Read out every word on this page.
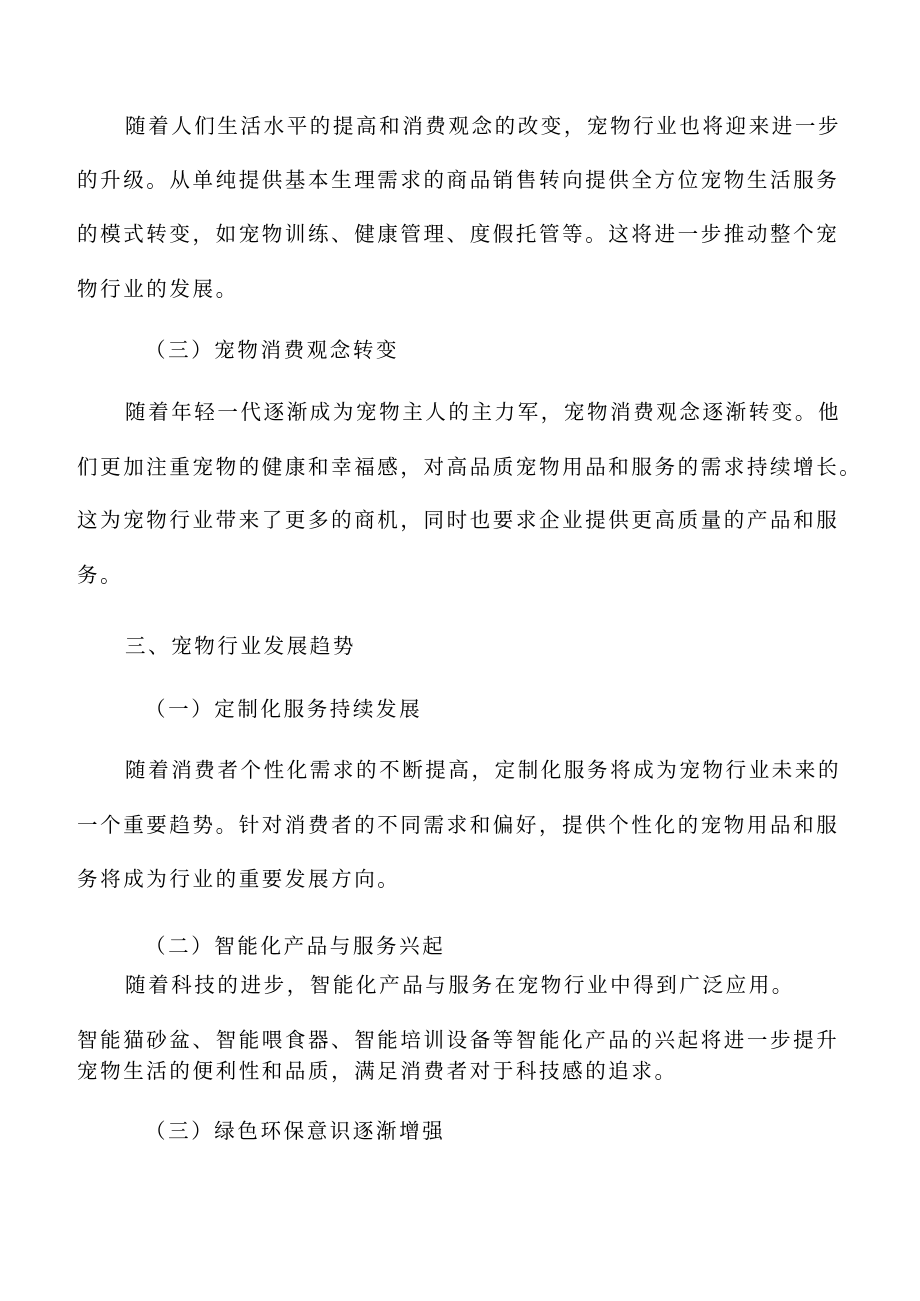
随着人们生活水平的提高和消费观念的改变，宠物行业也将迎来进一步
的升级。从单纯提供基本生理需求的商品销售转向提供全方位宠物生活服务
的模式转变，如宠物训练、健康管理、度假托管等。这将进一步推动整个宠
物行业的发展。
（三）宠物消费观念转变
随着年轻一代逐渐成为宠物主人的主力军，宠物消费观念逐渐转变。他
们更加注重宠物的健康和幸福感，对高品质宠物用品和服务的需求持续增长。
这为宠物行业带来了更多的商机，同时也要求企业提供更高质量的产品和服
务。
三、宠物行业发展趋势
（一）定制化服务持续发展
随着消费者个性化需求的不断提高，定制化服务将成为宠物行业未来的
一个重要趋势。针对消费者的不同需求和偏好，提供个性化的宠物用品和服
务将成为行业的重要发展方向。
（二）智能化产品与服务兴起
随着科技的进步，智能化产品与服务在宠物行业中得到广泛应用。
智能猫砂盆、智能喂食器、智能培训设备等智能化产品的兴起将进一步提升
宠物生活的便利性和品质，满足消费者对于科技感的追求。
（三）绿色环保意识逐渐增强
